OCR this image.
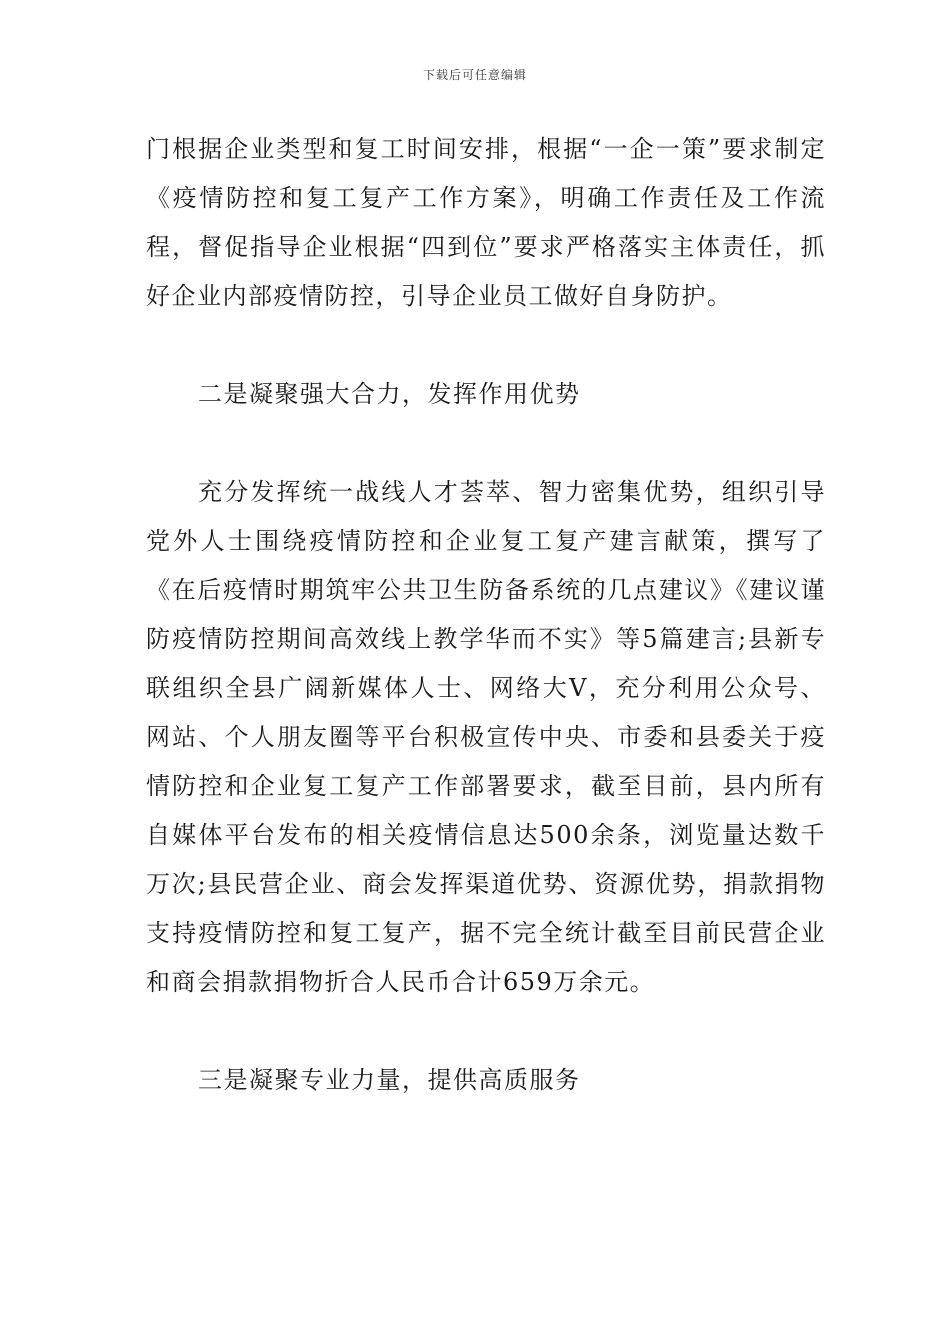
下载后可任意编辑

门根据企业类型和复工时间安排，根据“一企一策”要求制定《疫情防控和复工复产工作方案》，明确工作责任及工作流程，督促指导企业根据“四到位”要求严格落实主体责任，抓好企业内部疫情防控，引导企业员工做好自身防护。

二是凝聚强大合力，发挥作用优势

充分发挥统一战线人才荟萃、智力密集优势，组织引导党外人士围绕疫情防控和企业复工复产建言献策，撰写了《在后疫情时期筑牢公共卫生防备系统的几点建议》《建议谨防疫情防控期间高效线上教学华而不实》等5篇建言;县新专联组织全县广阔新媒体人士、网络大V，充分利用公众号、网站、个人朋友圈等平台积极宣传中央、市委和县委关于疫情防控和企业复工复产工作部署要求，截至目前，县内所有自媒体平台发布的相关疫情信息达500余条，浏览量达数千万次;县民营企业、商会发挥渠道优势、资源优势，捐款捐物支持疫情防控和复工复产，据不完全统计截至目前民营企业和商会捐款捐物折合人民币合计659万余元。

三是凝聚专业力量，提供高质服务
